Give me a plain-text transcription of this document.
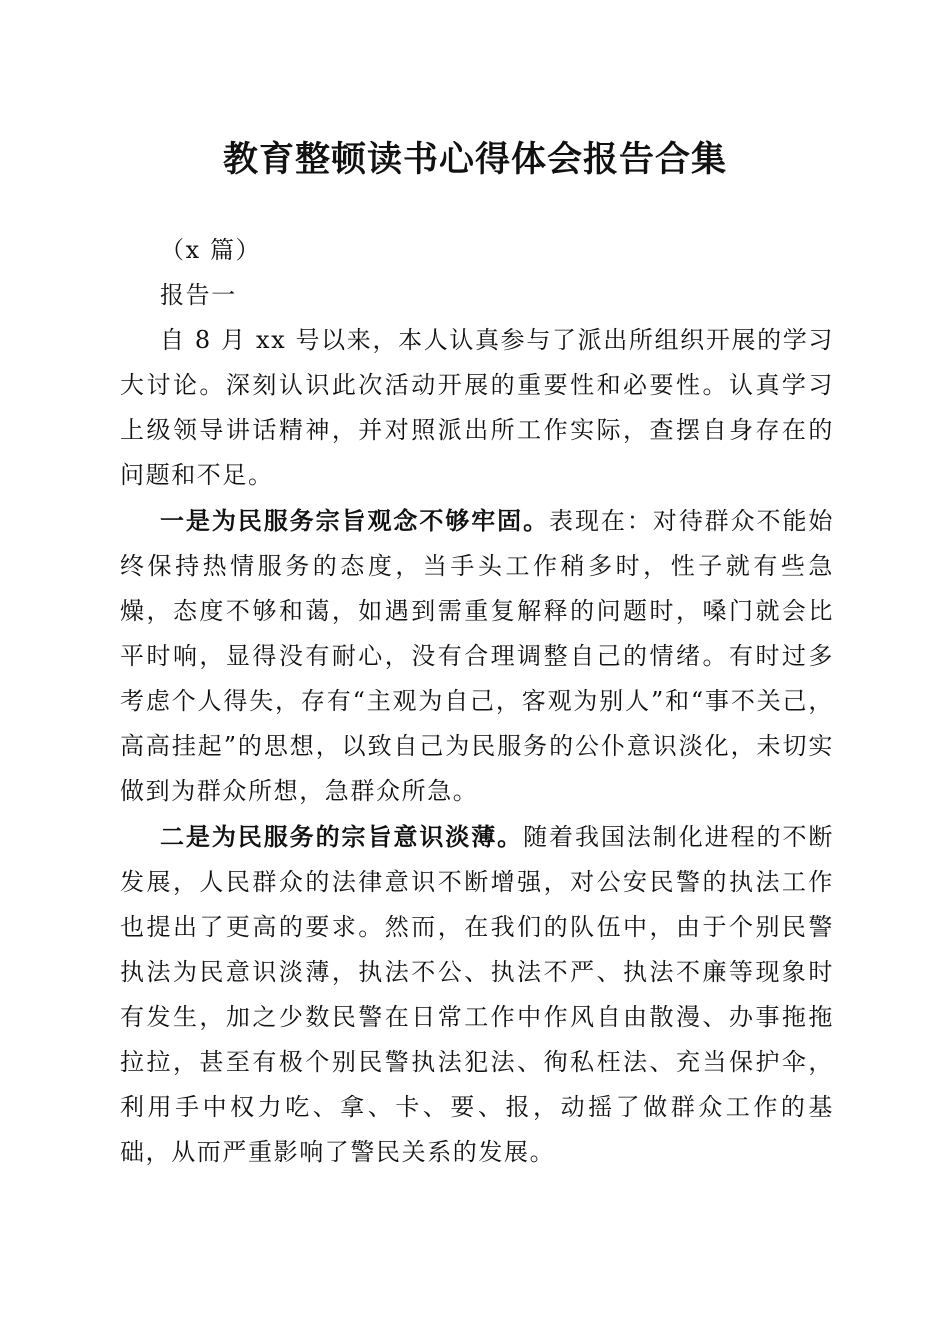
教育整顿读书心得体会报告合集

（x 篇）

报告一

自 8 月 xx 号以来，本人认真参与了派出所组织开展的学习大讨论。深刻认识此次活动开展的重要性和必要性。认真学习上级领导讲话精神，并对照派出所工作实际，查摆自身存在的问题和不足。

一是为民服务宗旨观念不够牢固。表现在：对待群众不能始终保持热情服务的态度，当手头工作稍多时，性子就有些急燥，态度不够和蔼，如遇到需重复解释的问题时，嗓门就会比平时响，显得没有耐心，没有合理调整自己的情绪。有时过多考虑个人得失，存有“主观为自己，客观为别人”和“事不关己，高高挂起”的思想，以致自己为民服务的公仆意识淡化，未切实做到为群众所想，急群众所急。

二是为民服务的宗旨意识淡薄。随着我国法制化进程的不断发展，人民群众的法律意识不断增强，对公安民警的执法工作也提出了更高的要求。然而，在我们的队伍中，由于个别民警执法为民意识淡薄，执法不公、执法不严、执法不廉等现象时有发生，加之少数民警在日常工作中作风自由散漫、办事拖拖拉拉，甚至有极个别民警执法犯法、徇私枉法、充当保护伞，利用手中权力吃、拿、卡、要、报，动摇了做群众工作的基础，从而严重影响了警民关系的发展。
